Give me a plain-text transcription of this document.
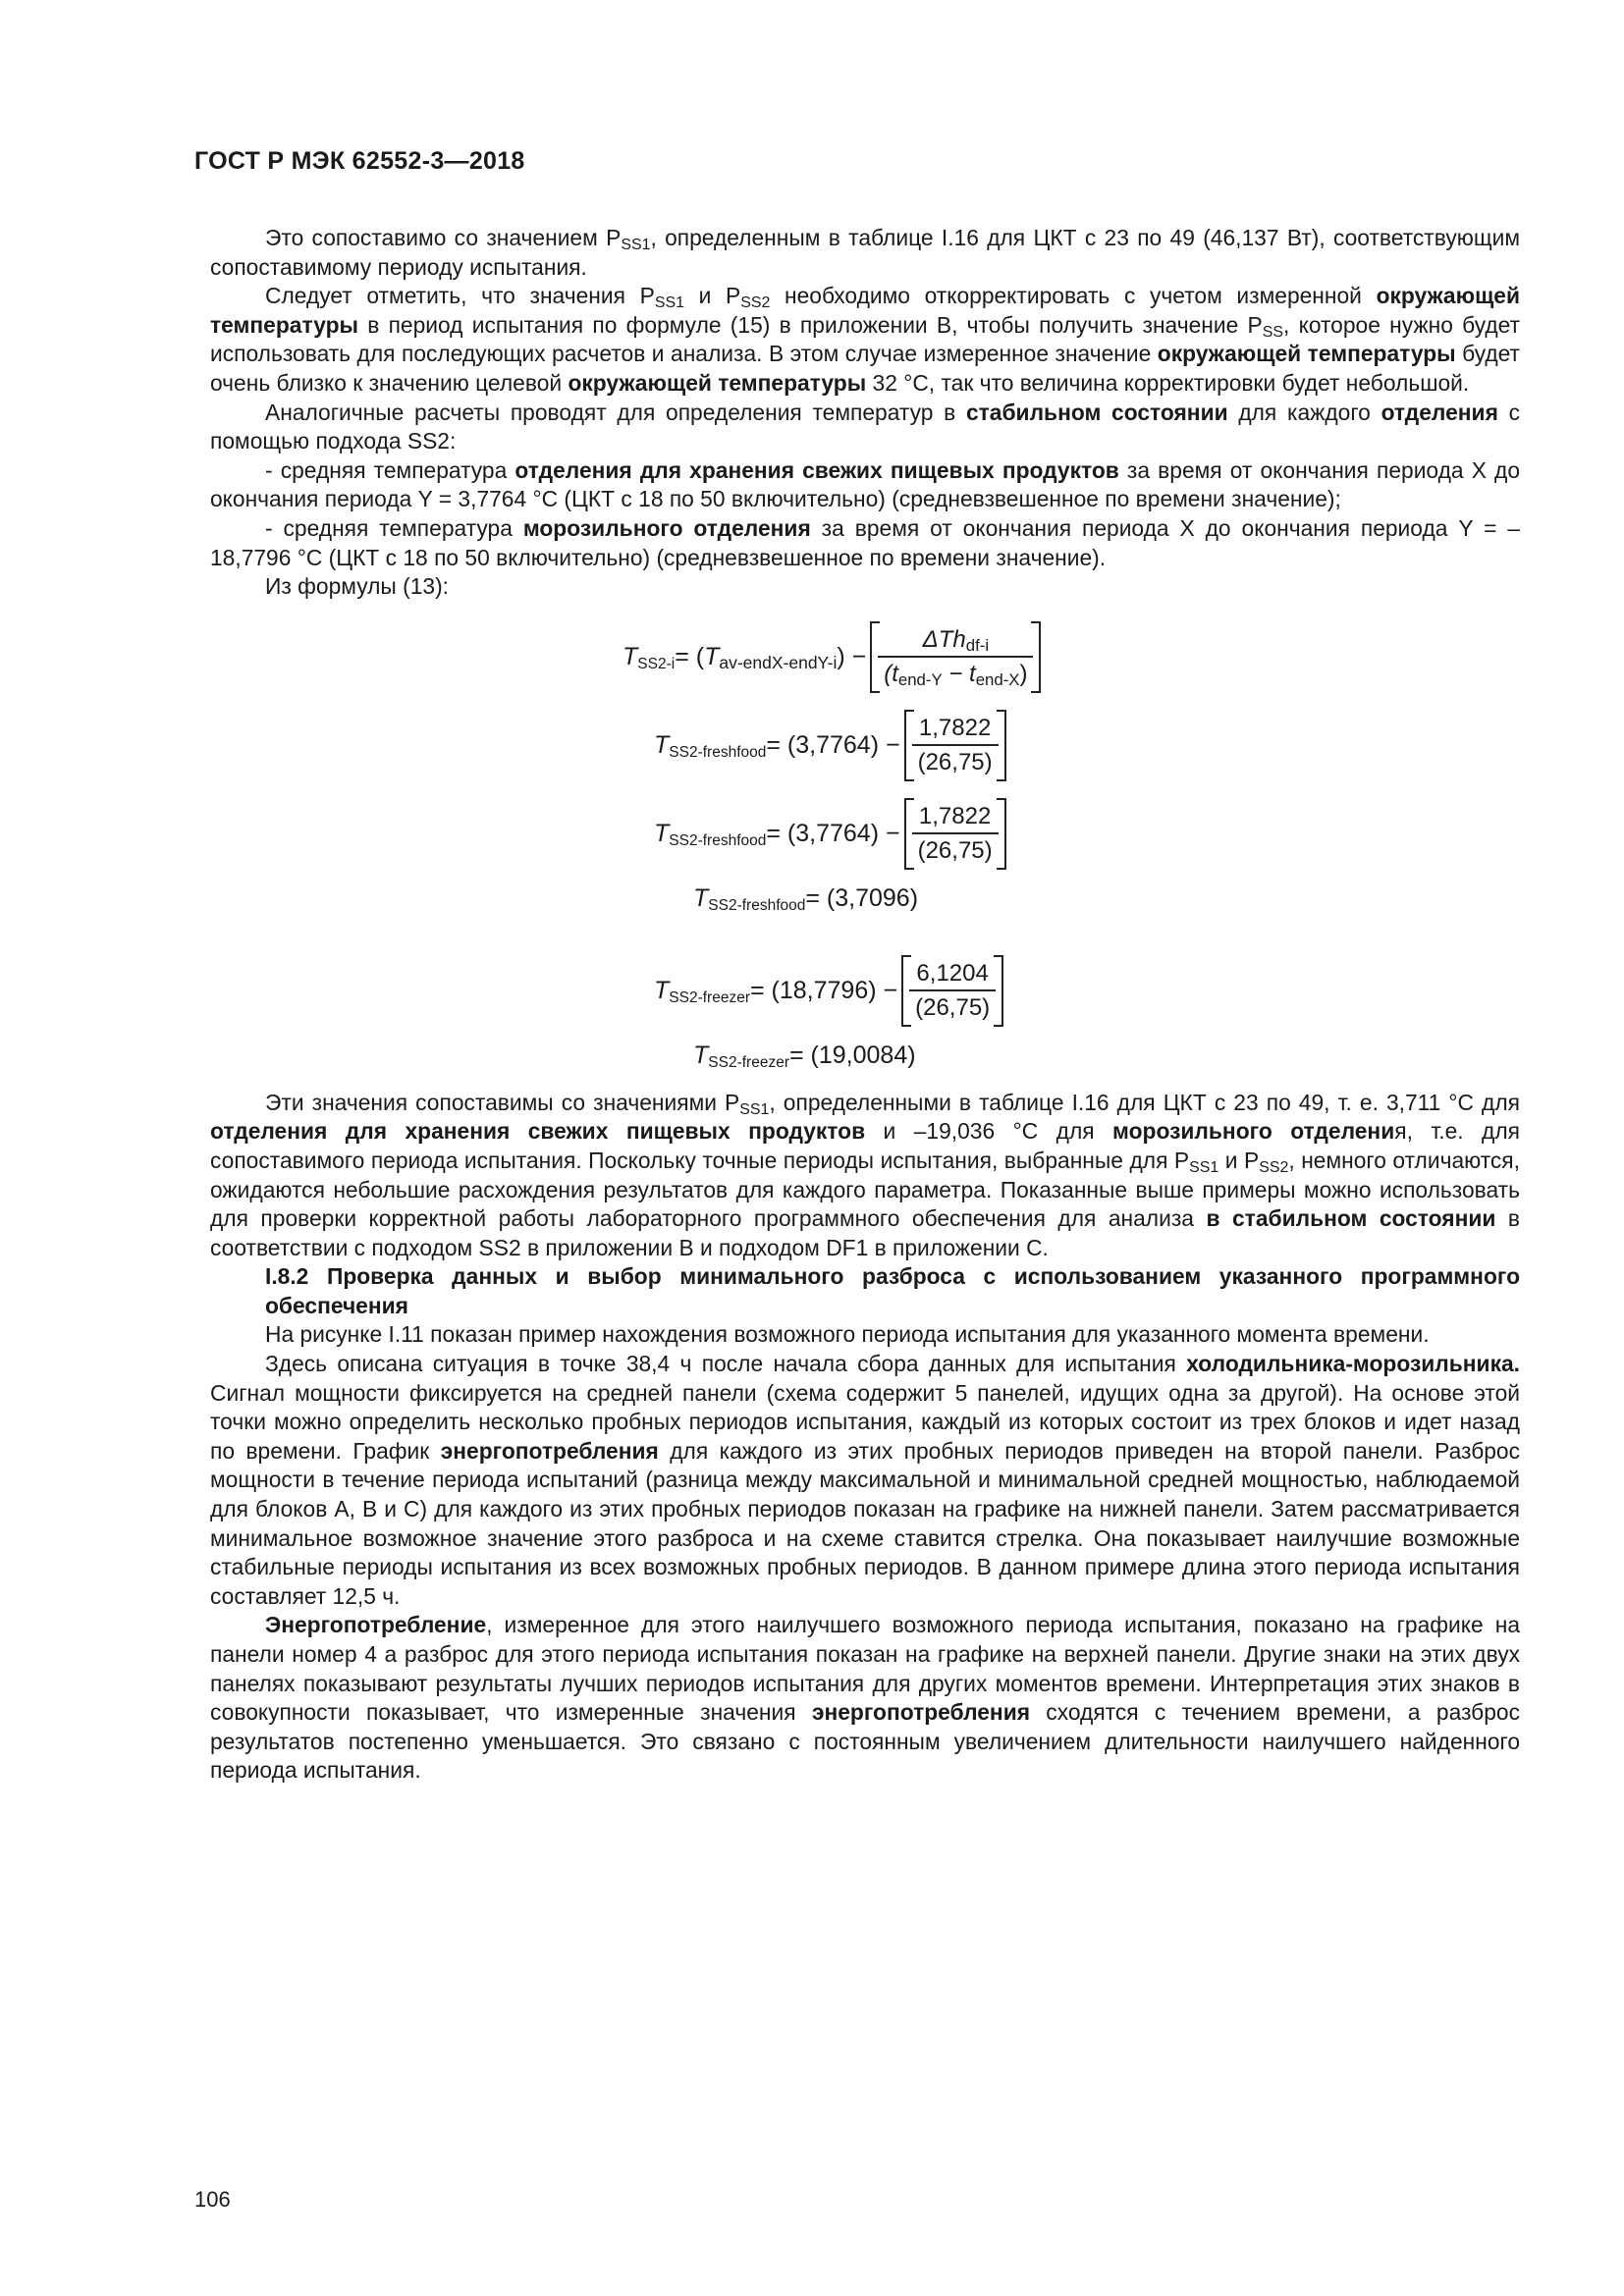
ГОСТ Р МЭК 62552-3—2018

Это сопоставимо со значением $P_{SS1}$, определенным в таблице I.16 для ЦКТ с 23 по 49 (46,137 Вт), соответствующим сопоставимому периоду испытания.

Следует отметить, что значения $P_{SS1}$ и $P_{SS2}$ необходимо откорректировать с учетом измеренной окружающей температуры в период испытания по формуле (15) в приложении B, чтобы получить значение $P_{SS}$, которое нужно будет использовать для последующих расчетов и анализа. В этом случае измеренное значение окружающей температуры будет очень близко к значению целевой окружающей температуры 32 °С, так что величина корректировки будет небольшой.

Аналогичные расчеты проводят для определения температур в стабильном состоянии для каждого отделения с помощью подхода SS2:

- средняя температура отделения для хранения свежих пищевых продуктов за время от окончания периода X до окончания периода Y = 3,7764 °С (ЦКТ с 18 по 50 включительно) (средневзвешенное по времени значение);

- средняя температура морозильного отделения за время от окончания периода X до окончания периода Y = –18,7796 °С (ЦКТ с 18 по 50 включительно) (средневзвешенное по времени значение).

Из формулы (13):

$T_{SS2-i} = (T_{av-endX-endY-i}) - \frac{\Delta Th_{df-i}}{(t_{end-Y} - t_{end-X})}$
$T_{SS2-freshfood} = (3,7764) - \frac{1,7822}{(26,75)}$
$T_{SS2-freshfood} = (3,7764) - \frac{1,7822}{(26,75)}$
$T_{SS2-freshfood} = (3,7096)$
$T_{SS2-freezer} = (18,7796) - \frac{6,1204}{(26,75)}$
$T_{SS2-freezer} = (19,0084)$

Эти значения сопоставимы со значениями $P_{SS1}$, определенными в таблице I.16 для ЦКТ с 23 по 49, т. е. 3,711 °С для отделения для хранения свежих пищевых продуктов и –19,036 °С для морозильного отделения, т.е. для сопоставимого периода испытания. Поскольку точные периоды испытания, выбранные для $P_{SS1}$ и $P_{SS2}$, немного отличаются, ожидаются небольшие расхождения результатов для каждого параметра. Показанные выше примеры можно использовать для проверки корректной работы лабораторного программного обеспечения для анализа в стабильном состоянии в соответствии с подходом SS2 в приложении B и подходом DF1 в приложении C.

I.8.2 Проверка данных и выбор минимального разброса с использованием указанного программного обеспечения

На рисунке I.11 показан пример нахождения возможного периода испытания для указанного момента времени.

Здесь описана ситуация в точке 38,4 ч после начала сбора данных для испытания холодильника-морозильника. Сигнал мощности фиксируется на средней панели (схема содержит 5 панелей, идущих одна за другой). На основе этой точки можно определить несколько пробных периодов испытания, каждый из которых состоит из трех блоков и идет назад по времени. График энергопотребления для каждого из этих пробных периодов приведен на второй панели. Разброс мощности в течение периода испытаний (разница между максимальной и минимальной средней мощностью, наблюдаемой для блоков A, B и C) для каждого из этих пробных периодов показан на графике на нижней панели. Затем рассматривается минимальное возможное значение этого разброса и на схеме ставится стрелка. Она показывает наилучшие возможные стабильные периоды испытания из всех возможных пробных периодов. В данном примере длина этого периода испытания составляет 12,5 ч.

Энергопотребление, измеренное для этого наилучшего возможного периода испытания, показано на графике на панели номер 4 а разброс для этого периода испытания показан на графике на верхней панели. Другие знаки на этих двух панелях показывают результаты лучших периодов испытания для других моментов времени. Интерпретация этих знаков в совокупности показывает, что измеренные значения энергопотребления сходятся с течением времени, а разброс результатов постепенно уменьшается. Это связано с постоянным увеличением длительности наилучшего найденного периода испытания.

106
